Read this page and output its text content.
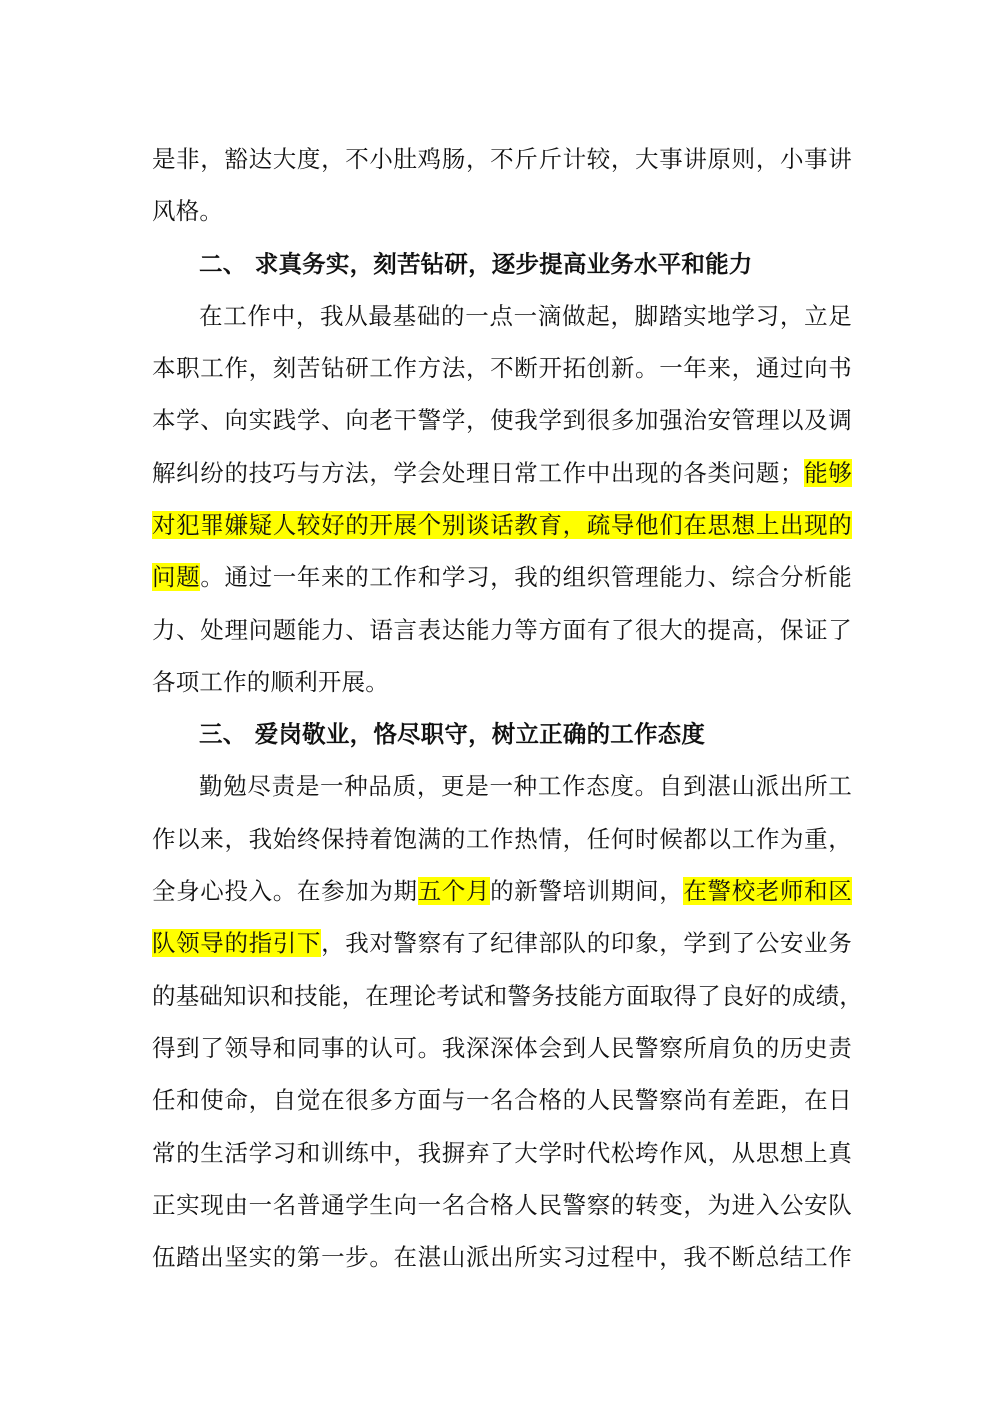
是非，豁达大度，不小肚鸡肠，不斤斤计较，大事讲原则，小事讲
风格。
二、 求真务实，刻苦钻研，逐步提高业务水平和能力
在工作中，我从最基础的一点一滴做起，脚踏实地学习，立足
本职工作，刻苦钻研工作方法，不断开拓创新。一年来，通过向书
本学、向实践学、向老干警学，使我学到很多加强治安管理以及调
解纠纷的技巧与方法，学会处理日常工作中出现的各类问题；能够
对犯罪嫌疑人较好的开展个别谈话教育，疏导他们在思想上出现的
问题。通过一年来的工作和学习，我的组织管理能力、综合分析能
力、处理问题能力、语言表达能力等方面有了很大的提高，保证了
各项工作的顺利开展。
三、 爱岗敬业，恪尽职守，树立正确的工作态度
勤勉尽责是一种品质，更是一种工作态度。自到湛山派出所工
作以来，我始终保持着饱满的工作热情，任何时候都以工作为重，
全身心投入。在参加为期五个月的新警培训期间，在警校老师和区
队领导的指引下，我对警察有了纪律部队的印象，学到了公安业务
的基础知识和技能，在理论考试和警务技能方面取得了良好的成绩，
得到了领导和同事的认可。我深深体会到人民警察所肩负的历史责
任和使命，自觉在很多方面与一名合格的人民警察尚有差距，在日
常的生活学习和训练中，我摒弃了大学时代松垮作风，从思想上真
正实现由一名普通学生向一名合格人民警察的转变，为进入公安队
伍踏出坚实的第一步。在湛山派出所实习过程中，我不断总结工作
